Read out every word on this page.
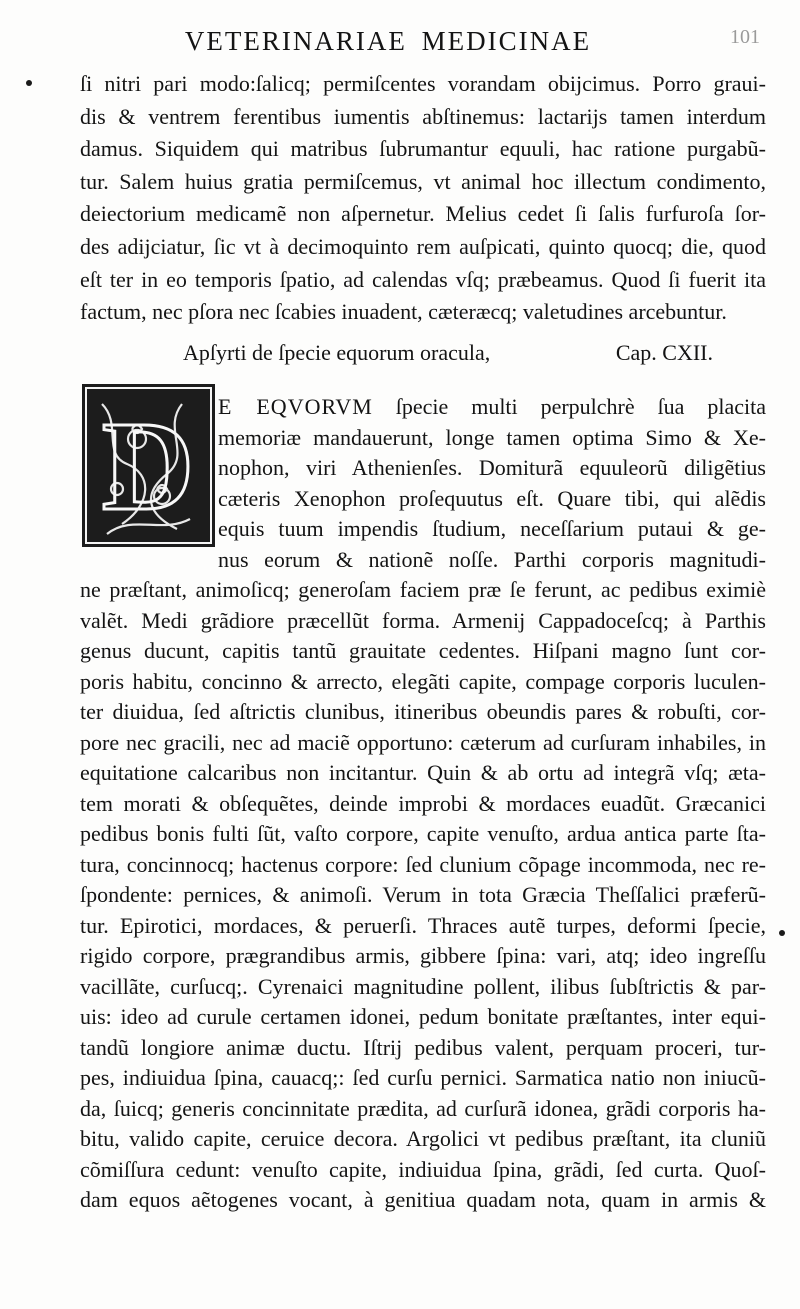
VETERINARIAE MEDICINAE	101
ſi nitri pari modo:ſalicq; permiſcentes vorandam obijcimus. Porro graui-
dis & ventrem ferentibus iumentis abſtinemus: lactarijs tamen interdum
damus. Siquidem qui matribus ſubrumantur equuli, hac ratione purgabũ-
tur. Salem huius gratia permiſcemus, vt animal hoc illectum condimento,
deiectorium medicamẽ non aſpernetur. Melius cedet ſi ſalis furfuroſa ſor-
des adijciatur, ſic vt à decimoquinto rem auſpicati, quinto quocq; die, quod
eſt ter in eo temporis ſpatio, ad calendas vſq; præbeamus. Quod ſi fuerit ita
factum, nec pſora nec ſcabies inuadent, cæteræcq; valetudines arcebuntur.
Apſyrti de ſpecie equorum oracula,	Cap. CXII.
D E EQVORVM ſpecie multi perpulchrè ſua placita
memoriæ mandauerunt, longe tamen optima Simo & Xe-
nophon, viri Athenienſes. Domiturã equuleorũ diligẽtius
cæteris Xenophon proſequutus eſt. Quare tibi, qui alẽdis
equis tuum impendis ſtudium, neceſſarium putaui & ge-
nus eorum & nationẽ noſſe. Parthi corporis magnitudi-
ne præſtant, animoſicq; generoſam faciem præ ſe ferunt, ac pedibus eximiè
valẽt. Medi grãdiore præcellũt forma. Armenij Cappadoceſcq; à Parthis
genus ducunt, capitis tantũ grauitate cedentes. Hiſpani magno ſunt cor-
poris habitu, concinno & arrecto, elegãti capite, compage corporis luculen-
ter diuidua, ſed aſtrictis clunibus, itineribus obeundis pares & robuſti, cor-
pore nec gracili, nec ad maciẽ opportuno: cæterum ad curſuram inhabiles, in
equitatione calcaribus non incitantur. Quin & ab ortu ad integrã vſq; æta-
tem morati & obſequẽtes, deinde improbi & mordaces euadũt. Græcanici
pedibus bonis fulti ſũt, vaſto corpore, capite venuſto, ardua antica parte ſta-
tura, concinnocq; hactenus corpore: ſed clunium cõpage incommoda, nec re-
ſpondente: pernices, & animoſi. Verum in tota Græcia Theſſalici præferũ-
tur. Epirotici, mordaces, & peruerſi. Thraces autẽ turpes, deformi ſpecie,
rigido corpore, prægrandibus armis, gibbere ſpina: vari, atq; ideo ingreſſu
vacillãte, curſucq;. Cyrenaici magnitudine pollent, ilibus ſubſtrictis & par-
uis: ideo ad curule certamen idonei, pedum bonitate præſtantes, inter equi-
tandũ longiore animæ ductu. Iſtrij pedibus valent, perquam proceri, tur-
pes, indiuidua ſpina, cauacq;: ſed curſu pernici. Sarmatica natio non iniucũ-
da, ſuicq; generis concinnitate prædita, ad curſurã idonea, grãdi corporis ha-
bitu, valido capite, ceruice decora. Argolici vt pedibus præſtant, ita cluniũ
cõmiſſura cedunt: venuſto capite, indiuidua ſpina, grãdi, ſed curta. Quoſ-
dam equos aẽtogenes vocant, à genitiua quadam nota, quam in armis &
